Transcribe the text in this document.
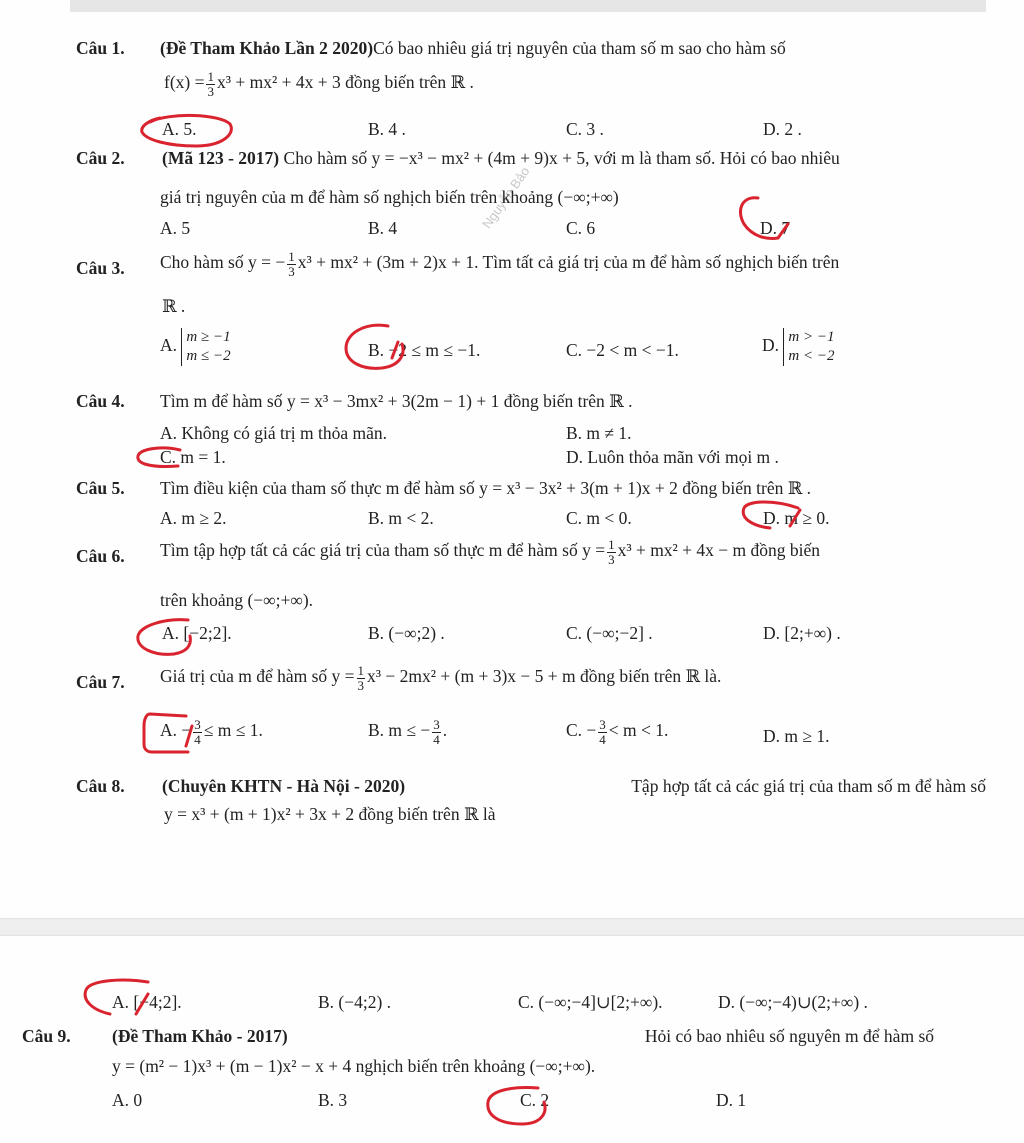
Nguyễn Bảo
Câu 1. (Đề Tham Khảo Lần 2 2020)Có bao nhiêu giá trị nguyên của tham số m sao cho hàm số
$f(x) = \frac{1}{3} x^3 + mx^2 + 4x + 3$ đồng biến trên ℝ .
A. 5.	B. 4 .	C. 3 .	D. 2 .
Câu 2. (Mã 123 - 2017) Cho hàm số y = −x³ − mx² + (4m + 9)x + 5, với m là tham số. Hỏi có bao nhiêu
giá trị nguyên của m để hàm số nghịch biến trên khoảng (−∞;+∞)
A. 5	B. 4	C. 6	D. 7
Câu 3. Cho hàm số y = − $\frac{1}{3} x^3 + mx^2 + (3m + 2)x + 1$. Tìm tất cả giá trị của m để hàm số nghịch biến trên
ℝ .
A. m ≥ −1
m ≤ −2	B. −2 ≤ m ≤ −1.	C. −2 < m < −1.	D. m > −1
m < −2
Câu 4. Tìm m để hàm số y = x³ − 3mx² + 3(2m − 1) + 1 đồng biến trên ℝ .
A. Không có giá trị m thỏa mãn.	B. m ≠ 1.
C. m = 1.	D. Luôn thỏa mãn với mọi m .
Câu 5. Tìm điều kiện của tham số thực m để hàm số y = x³ − 3x² + 3(m + 1)x + 2 đồng biến trên ℝ .
A. m ≥ 2.	B. m < 2.	C. m < 0.	D. m ≥ 0.
Câu 6. Tìm tập hợp tất cả các giá trị của tham số thực m để hàm số $y = \frac{1}{3} x^3 + mx^2 + 4x - m$ đồng biến
trên khoảng (−∞;+∞).
A. [−2;2].	B. (−∞;2) .	C. (−∞;−2] .	D. [2;+∞) .
Câu 7. Giá trị của m để hàm số $y = \frac{1}{3} x^3 - 2mx^2 + (m + 3)x - 5 + m$ đồng biến trên ℝ là.
A. − $\frac{3}{4} \le m \le 1$.	B. m ≤ − $\frac{3}{4}$ .	C. − $\frac{3}{4} < m < 1$.	D. m ≥ 1.
Câu 8. (Chuyên KHTN - Hà Nội - 2020)	Tập hợp tất cả các giá trị của tham số m để hàm số
y = x³ + (m + 1)x² + 3x + 2 đồng biến trên ℝ là
A. [−4;2].	B. (−4;2) .	C. (−∞;−4]∪[2;+∞).	D. (−∞;−4)∪(2;+∞) .
Câu 9. (Đề Tham Khảo - 2017)	Hỏi có bao nhiêu số nguyên m để hàm số
y = (m² − 1)x³ + (m − 1)x² − x + 4 nghịch biến trên khoảng (−∞;+∞).
A. 0	B. 3	C. 2	D. 1
